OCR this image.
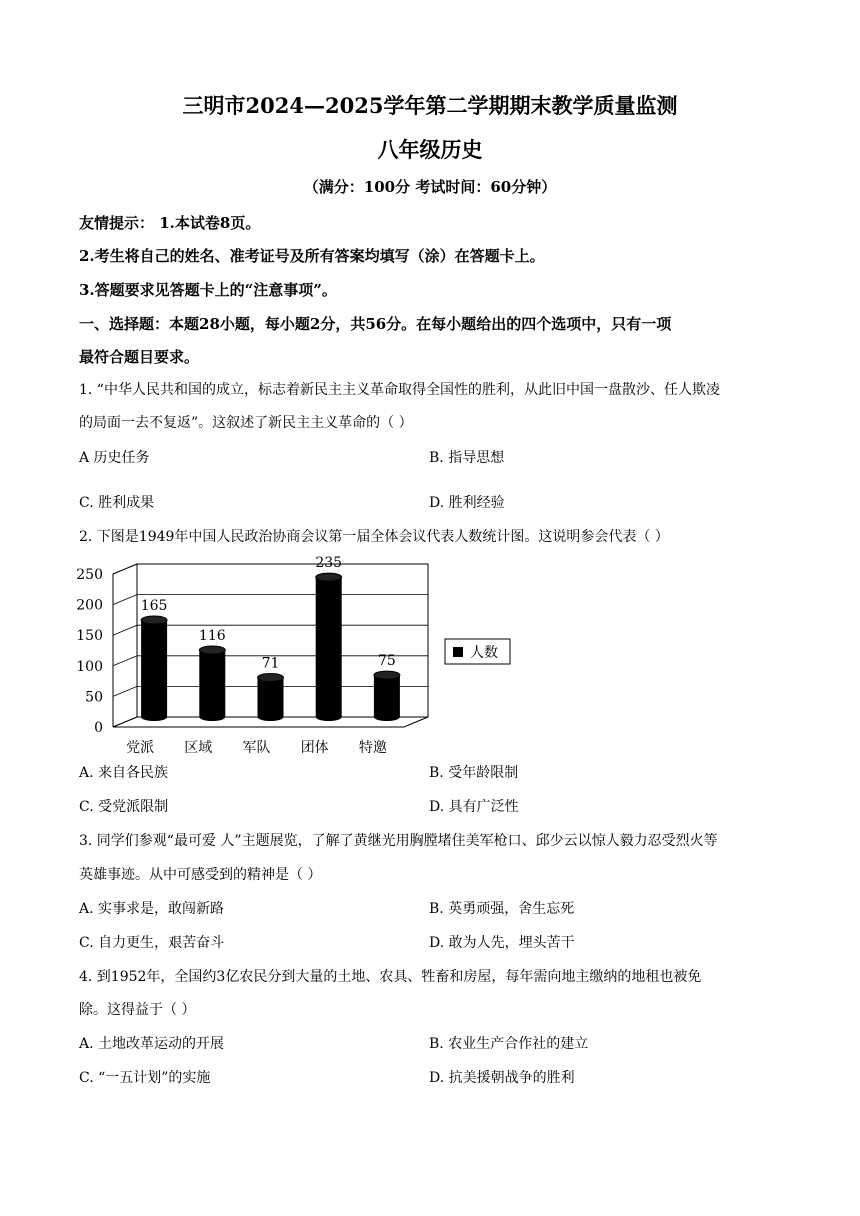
三明市2024—2025学年第二学期期末教学质量监测
八年级历史
（满分：100分 考试时间：60分钟）
友情提示： 1.本试卷8页。
2.考生将自己的姓名、准考证号及所有答案均填写（涂）在答题卡上。
3.答题要求见答题卡上的“注意事项”。
一、选择题：本题28小题，每小题2分，共56分。在每小题给出的四个选项中，只有一项
最符合题目要求。
1. “中华人民共和国的成立，标志着新民主主义革命取得全国性的胜利，从此旧中国一盘散沙、任人欺凌
的局面一去不复返”。这叙述了新民主主义革命的（ ）
A 历史任务	B. 指导思想
C. 胜利成果	D. 胜利经验
2. 下图是1949年中国人民政治协商会议第一届全体会议代表人数统计图。这说明参会代表（ ）
0
50
100
150
200
250
165
党派
116
区域
71
军队
235
团体
75
特邀
人数
A. 来自各民族	B. 受年龄限制
C. 受党派限制	D. 具有广泛性
3. 同学们参观“最可爱 人”主题展览，了解了黄继光用胸膛堵住美军枪口、邱少云以惊人毅力忍受烈火等
英雄事迹。从中可感受到的精神是（ ）
A. 实事求是，敢闯新路	B. 英勇顽强，舍生忘死
C. 自力更生，艰苦奋斗	D. 敢为人先，埋头苦干
4. 到1952年，全国约3亿农民分到大量的土地、农具、牲畜和房屋，每年需向地主缴纳的地租也被免
除。这得益于（ ）
A. 土地改革运动的开展	B. 农业生产合作社的建立
C. “一五计划”的实施	D. 抗美援朝战争的胜利
